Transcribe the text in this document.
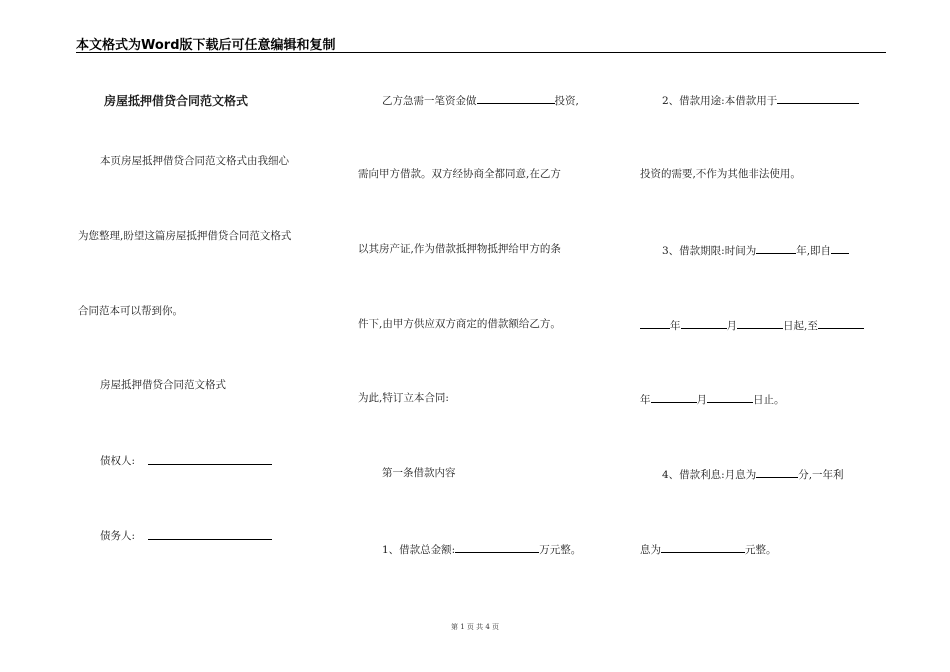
本文格式为Word版下载后可任意编辑和复制
房屋抵押借贷合同范文格式
本页房屋抵押借贷合同范文格式由我细心
为您整理,盼望这篇房屋抵押借贷合同范文格式
合同范本可以帮到你。
房屋抵押借贷合同范文格式
债权人:
债务人:
乙方急需一笔资金做	投资,
需向甲方借款。双方经协商全都同意,在乙方
以其房产证,作为借款抵押物抵押给甲方的条
件下,由甲方供应双方商定的借款额给乙方。
为此,特订立本合同:
第一条借款内容
1、借款总金额:	万元整。
2、借款用途:本借款用于
投资的需要,不作为其他非法使用。
3、借款期限:时间为	年,即自
年	月	日起,至
年	月	日止。
4、借款利息:月息为	分,一年利
息为	元整。
第 1 页 共 4 页
